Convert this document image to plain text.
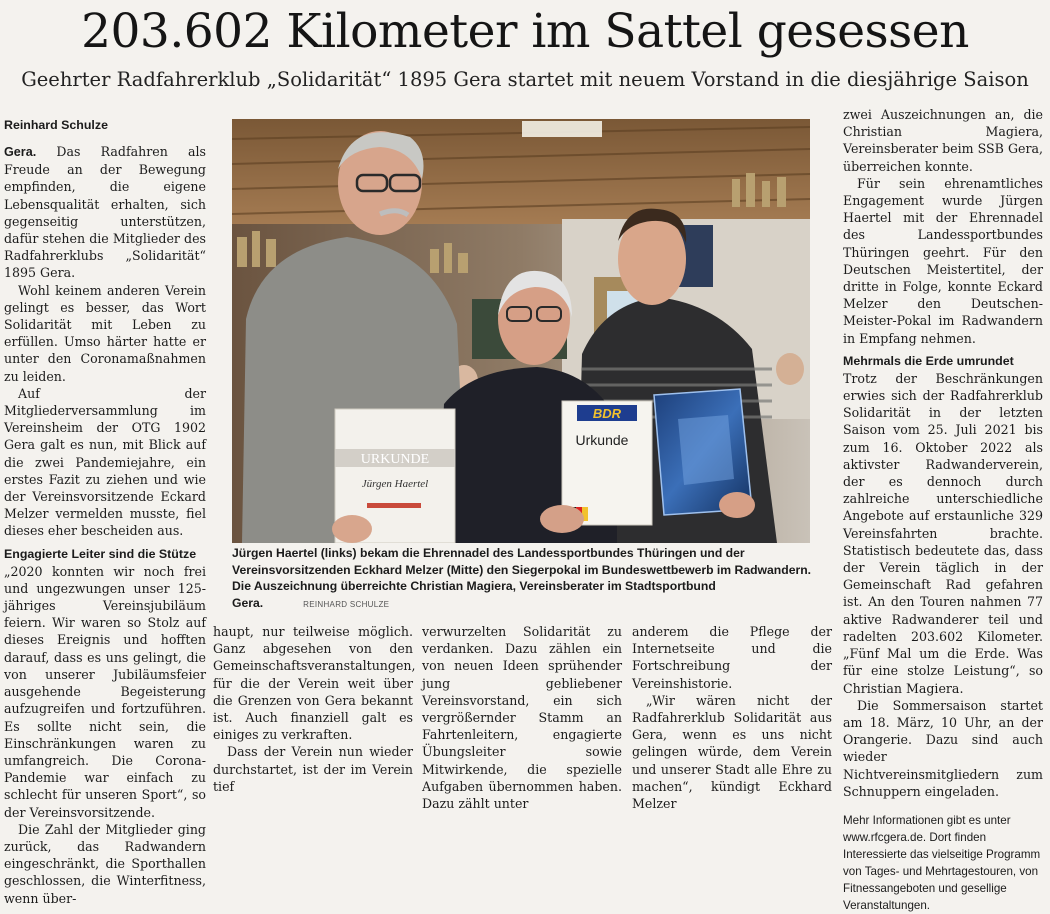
203.602 Kilometer im Sattel gesessen
Geehrter Radfahrerklub „Solidarität“ 1895 Gera startet mit neuem Vorstand in die diesjährige Saison
Reinhard Schulze

Gera. Das Radfahren als Freude an der Bewegung empfinden, die eigene Lebensqualität erhalten, sich gegenseitig unterstützen, dafür stehen die Mitglieder des Radfahrerklubs „Solidarität“ 1895 Gera.

Wohl keinem anderen Verein gelingt es besser, das Wort Solidarität mit Leben zu erfüllen. Umso härter hatte er unter den Coronamaßnahmen zu leiden.

Auf der Mitgliederversammlung im Vereinsheim der OTG 1902 Gera galt es nun, mit Blick auf die zwei Pandemiejahre, ein erstes Fazit zu ziehen und wie der Vereinsvorsitzende Eckard Melzer vermelden musste, fiel dieses eher bescheiden aus.

Engagierte Leiter sind die Stütze

„2020 konnten wir noch frei und ungezwungen unser 125-jähriges Vereinsjubiläum feiern. Wir waren so Stolz auf dieses Ereignis und hofften darauf, dass es uns gelingt, die von unserer Jubiläumsfeier ausgehende Begeisterung aufzugreifen und fortzuführen. Es sollte nicht sein, die Einschränkungen waren zu umfangreich. Die Corona-Pandemie war einfach zu schlecht für unseren Sport“, so der Vereinsvorsitzende.

Die Zahl der Mitglieder ging zurück, das Radwandern eingeschränkt, die Sporthallen geschlossen, die Winterfitness, wenn über-

URKUNDE
Jürgen Haertel
BDR
Urkunde
Jürgen Haertel (links) bekam die Ehrennadel des Landessportbundes Thüringen und der Vereinsvorsitzenden Eckhard Melzer (Mitte) den Siegerpokal im Bundeswettbewerb im Radwandern. Die Auszeichnung überreichte Christian Magiera, Vereinsberater im Stadtsportbund Gera.	REINHARD SCHULZE

haupt, nur teilweise möglich. Ganz abgesehen von den Gemeinschaftsveranstaltungen, für die der Verein weit über die Grenzen von Gera bekannt ist. Auch finanziell galt es einiges zu verkraften.

Dass der Verein nun wieder durchstartet, ist der im Verein tief

verwurzelten Solidarität zu verdanken. Dazu zählen ein von neuen Ideen sprühender jung gebliebener Vereinsvorstand, ein sich vergrößernder Stamm an Fahrtenleitern, engagierte Übungsleiter sowie Mitwirkende, die spezielle Aufgaben übernommen haben. Dazu zählt unter

anderem die Pflege der Internetseite und die Fortschreibung der Vereinshistorie.

„Wir wären nicht der Radfahrerklub Solidarität aus Gera, wenn es uns nicht gelingen würde, dem Verein und unserer Stadt alle Ehre zu machen“, kündigt Eckhard Melzer

zwei Auszeichnungen an, die Christian Magiera, Vereinsberater beim SSB Gera, überreichen konnte.

Für sein ehrenamtliches Engagement wurde Jürgen Haertel mit der Ehrennadel des Landessportbundes Thüringen geehrt. Für den Deutschen Meistertitel, der dritte in Folge, konnte Eckard Melzer den Deutschen-Meister-Pokal im Radwandern in Empfang nehmen.

Mehrmals die Erde umrundet

Trotz der Beschränkungen erwies sich der Radfahrerklub Solidarität in der letzten Saison vom 25. Juli 2021 bis zum 16. Oktober 2022 als aktivster Radwanderverein, der es dennoch durch zahlreiche unterschiedliche Angebote auf erstaunliche 329 Vereinsfahrten brachte. Statistisch bedeutete das, dass der Verein täglich in der Gemeinschaft Rad gefahren ist. An den Touren nahmen 77 aktive Radwanderer teil und radelten 203.602 Kilometer. „Fünf Mal um die Erde. Was für eine stolze Leistung“, so Christian Magiera.

Die Sommersaison startet am 18. März, 10 Uhr, an der Orangerie. Dazu sind auch wieder Nichtvereinsmitgliedern zum Schnuppern eingeladen.

Mehr Informationen gibt es unter www.rfcgera.de. Dort finden Interessierte das vielseitige Programm von Tages- und Mehrtagestouren, von Fitnessangeboten und gesellige Veranstaltungen.
